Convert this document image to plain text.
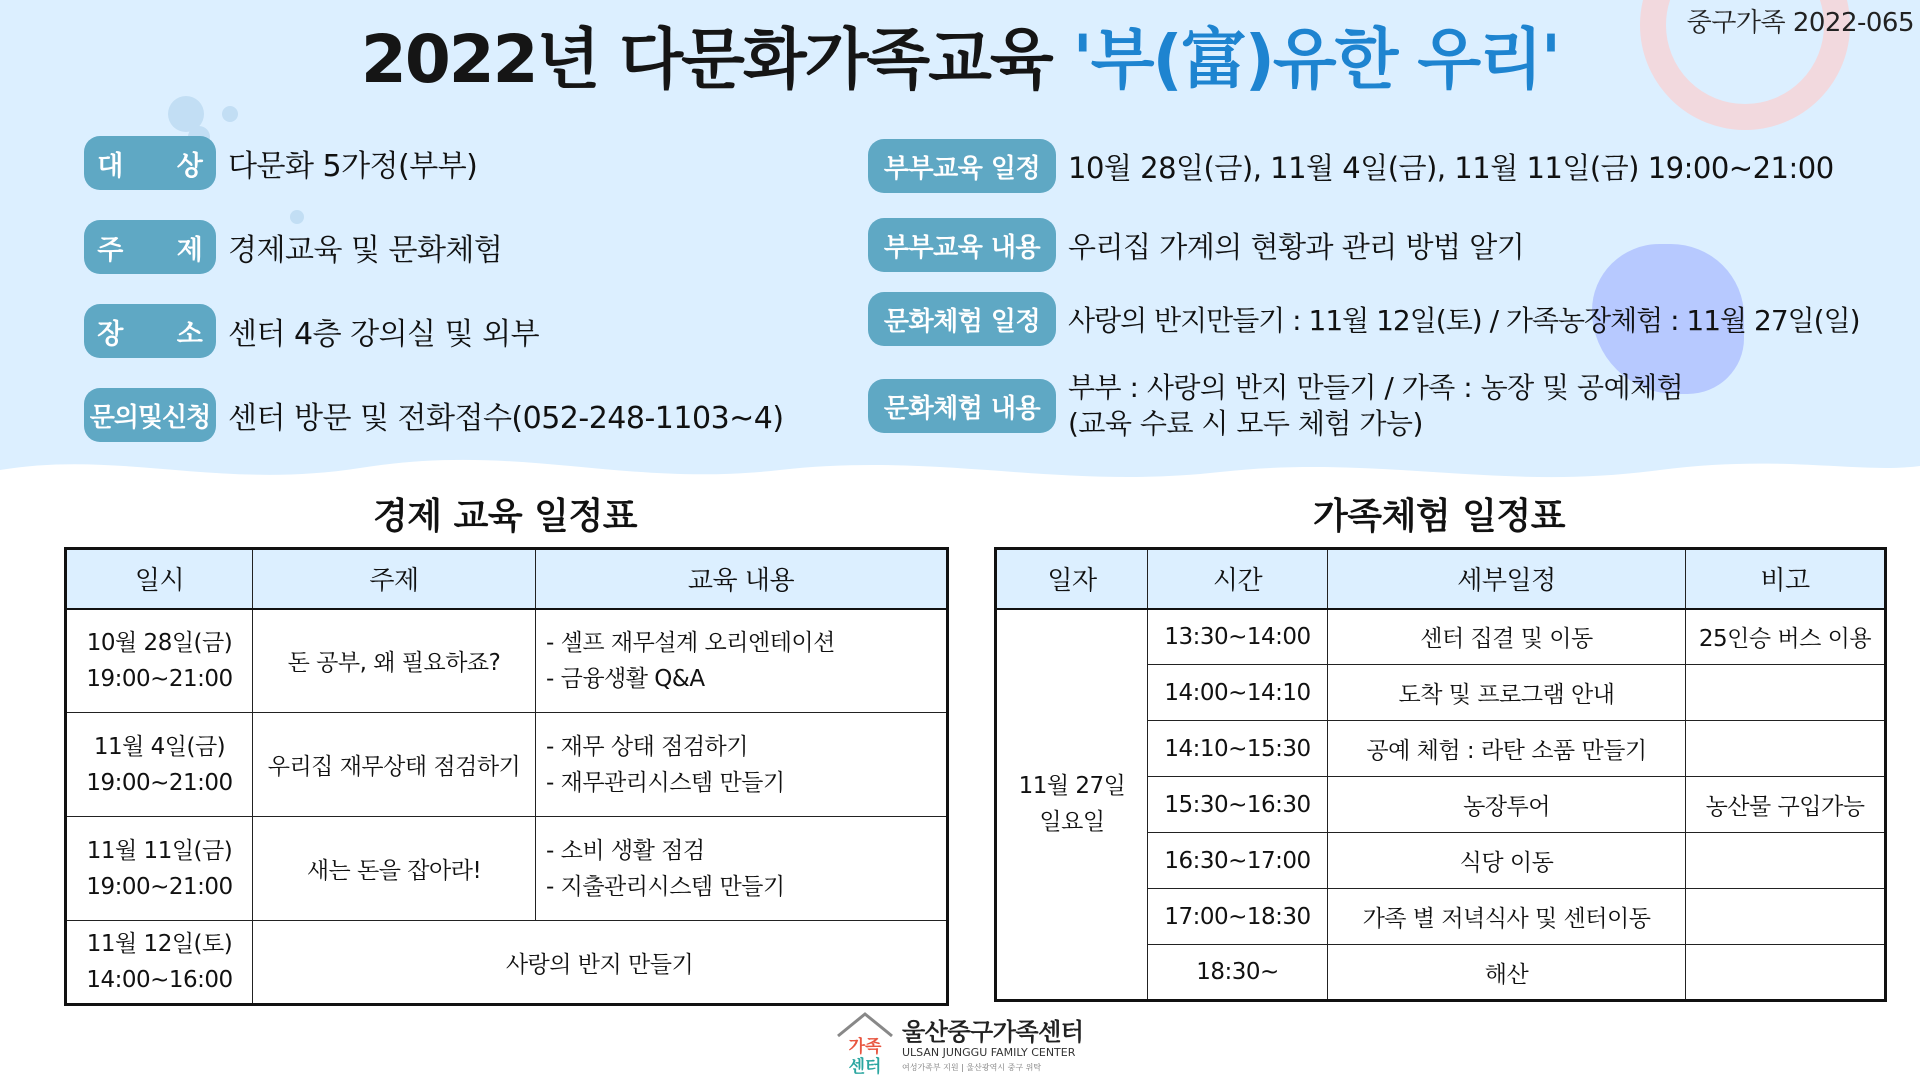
2022년 다문화가족교육 '부(富)유한 우리'	중구가족 2022-065
대 상 다문화 5가정(부부)
주 제 경제교육 및 문화체험
장 소 센터 4층 강의실 및 외부
문의및신청 센터 방문 및 전화접수(052-248-1103~4)
부부교육 일정 10월 28일(금), 11월 4일(금), 11월 11일(금) 19:00~21:00
부부교육 내용 우리집 가계의 현황과 관리 방법 알기
문화체험 일정 사랑의 반지만들기 : 11월 12일(토) / 가족농장체험 : 11월 27일(일)
문화체험 내용
부부 : 사랑의 반지 만들기 / 가족 : 농장 및 공예체험
(교육 수료 시 모두 체험 가능)
경제 교육 일정표	가족체험 일정표
일시	주제	교육 내용

10월 28일(금)
19:00~21:00	돈 공부, 왜 필요하죠?	- 셀프 재무설계 오리엔테이션
- 금융생활 Q&A

11월 4일(금)
19:00~21:00	우리집 재무상태 점검하기	- 재무 상태 점검하기
- 재무관리시스템 만들기

11월 11일(금)
19:00~21:00	새는 돈을 잡아라!	- 소비 생활 점검
- 지출관리시스템 만들기

11월 12일(토)
14:00~16:00	사랑의 반지 만들기	
일자	시간	세부일정	비고

11월 27일
일요일	13:30~14:00	센터 집결 및 이동	25인승 버스 이용
	14:00~14:10	도착 및 프로그램 안내	
	14:10~15:30	공예 체험 : 라탄 소품 만들기	
	15:30~16:30	농장투어	농산물 구입가능
	16:30~17:00	식당 이동	
	17:00~18:30	가족 별 저녁식사 및 센터이동	
	18:30~	해산	
가족
센터
울산중구가족센터
ULSAN JUNGGU FAMILY CENTER
여성가족부 지원 | 울산광역시 중구 위탁
